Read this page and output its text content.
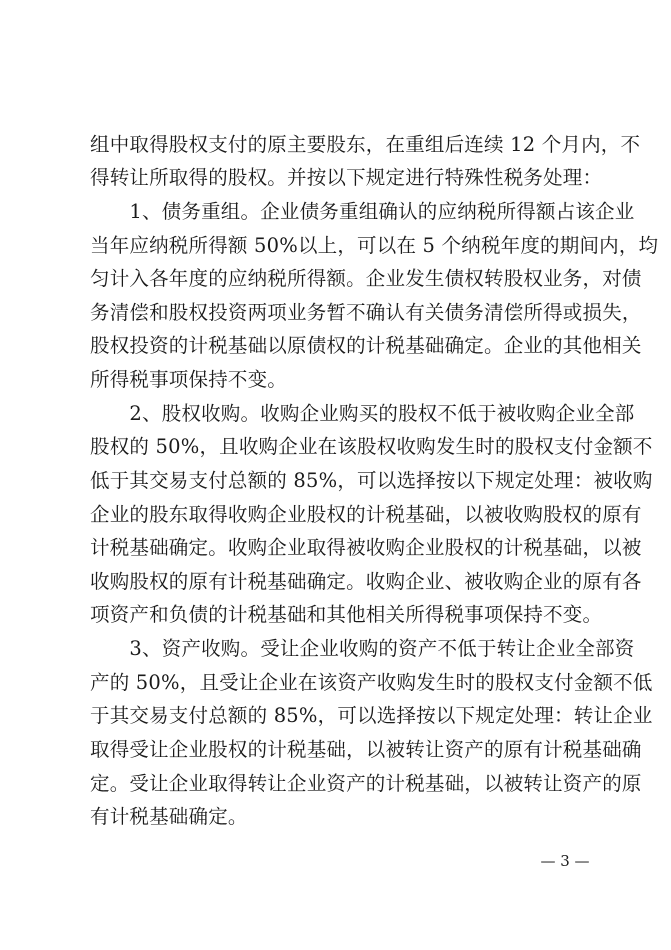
组中取得股权支付的原主要股东，在重组后连续 12 个月内，不
得转让所取得的股权。并按以下规定进行特殊性税务处理：
　　1、债务重组。企业债务重组确认的应纳税所得额占该企业
当年应纳税所得额 50%以上，可以在 5 个纳税年度的期间内，均
匀计入各年度的应纳税所得额。企业发生债权转股权业务，对债
务清偿和股权投资两项业务暂不确认有关债务清偿所得或损失，
股权投资的计税基础以原债权的计税基础确定。企业的其他相关
所得税事项保持不变。
　　2、股权收购。收购企业购买的股权不低于被收购企业全部
股权的 50%，且收购企业在该股权收购发生时的股权支付金额不
低于其交易支付总额的 85%，可以选择按以下规定处理：被收购
企业的股东取得收购企业股权的计税基础，以被收购股权的原有
计税基础确定。收购企业取得被收购企业股权的计税基础，以被
收购股权的原有计税基础确定。收购企业、被收购企业的原有各
项资产和负债的计税基础和其他相关所得税事项保持不变。
　　3、资产收购。受让企业收购的资产不低于转让企业全部资
产的 50%，且受让企业在该资产收购发生时的股权支付金额不低
于其交易支付总额的 85%，可以选择按以下规定处理：转让企业
取得受让企业股权的计税基础，以被转让资产的原有计税基础确
定。受让企业取得转让企业资产的计税基础，以被转让资产的原
有计税基础确定。
— 3 —
